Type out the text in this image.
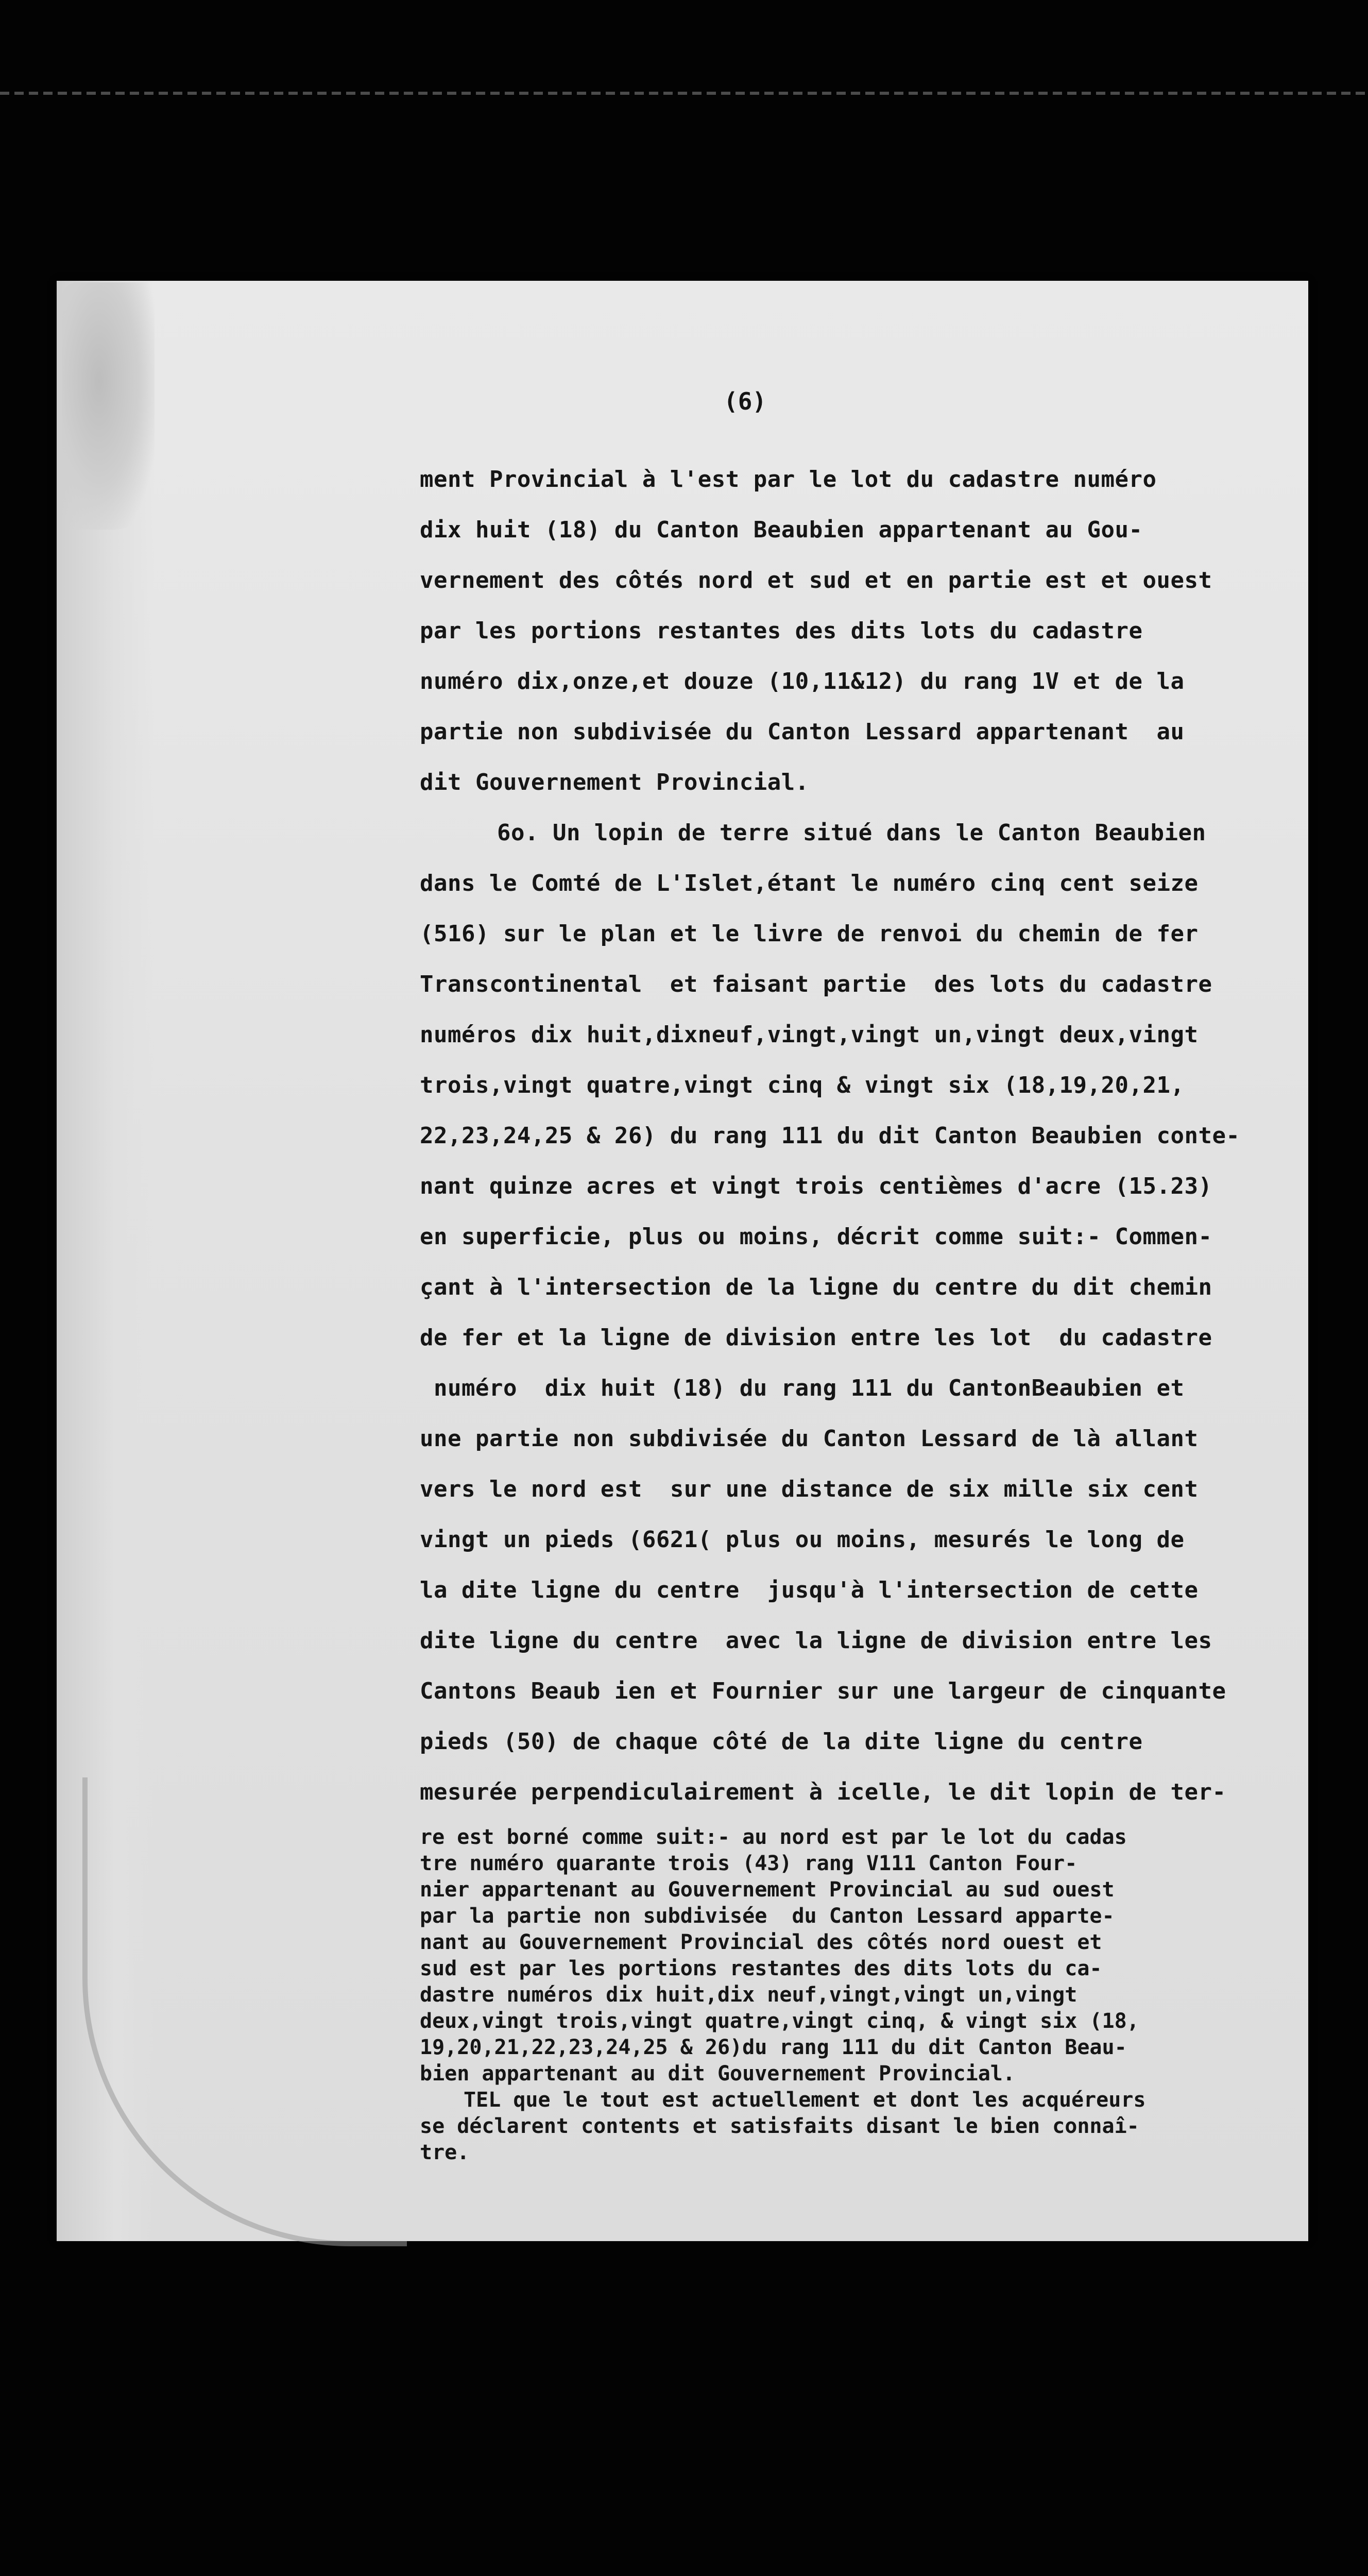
(6)
ment Provincial à l'est par le lot du cadastre numéro
dix huit (18) du Canton Beaubien appartenant au Gou-
vernement des côtés nord et sud et en partie est et ouest
par les portions restantes des dits lots du cadastre
numéro dix,onze,et douze (10,11&12) du rang 1V et de la
partie non subdivisée du Canton Lessard appartenant  au
dit Gouvernement Provincial.
6o. Un lopin de terre situé dans le Canton Beaubien
dans le Comté de L'Islet,étant le numéro cinq cent seize
(516) sur le plan et le livre de renvoi du chemin de fer
Transcontinental  et faisant partie  des lots du cadastre
numéros dix huit,dixneuf,vingt,vingt un,vingt deux,vingt
trois,vingt quatre,vingt cinq & vingt six (18,19,20,21,
22,23,24,25 & 26) du rang 111 du dit Canton Beaubien conte-
nant quinze acres et vingt trois centièmes d'acre (15.23)
en superficie, plus ou moins, décrit comme suit:- Commen-
çant à l'intersection de la ligne du centre du dit chemin
de fer et la ligne de division entre les lot  du cadastre
numéro  dix huit (18) du rang 111 du CantonBeaubien et
une partie non subdivisée du Canton Lessard de là allant
vers le nord est  sur une distance de six mille six cent
vingt un pieds (6621( plus ou moins, mesurés le long de
la dite ligne du centre  jusqu'à l'intersection de cette
dite ligne du centre  avec la ligne de division entre les
Cantons Beaub ien et Fournier sur une largeur de cinquante
pieds (50) de chaque côté de la dite ligne du centre
mesurée perpendiculairement à icelle, le dit lopin de ter-
re est borné comme suit:- au nord est par le lot du cadas
tre numéro quarante trois (43) rang V111 Canton Four-
nier appartenant au Gouvernement Provincial au sud ouest
par la partie non subdivisée  du Canton Lessard apparte-
nant au Gouvernement Provincial des côtés nord ouest et
sud est par les portions restantes des dits lots du ca-
dastre numéros dix huit,dix neuf,vingt,vingt un,vingt
deux,vingt trois,vingt quatre,vingt cinq, & vingt six (18,
19,20,21,22,23,24,25 & 26)du rang 111 du dit Canton Beau-
bien appartenant au dit Gouvernement Provincial.
TEL que le tout est actuellement et dont les acquéreurs
se déclarent contents et satisfaits disant le bien connaî-
tre.
